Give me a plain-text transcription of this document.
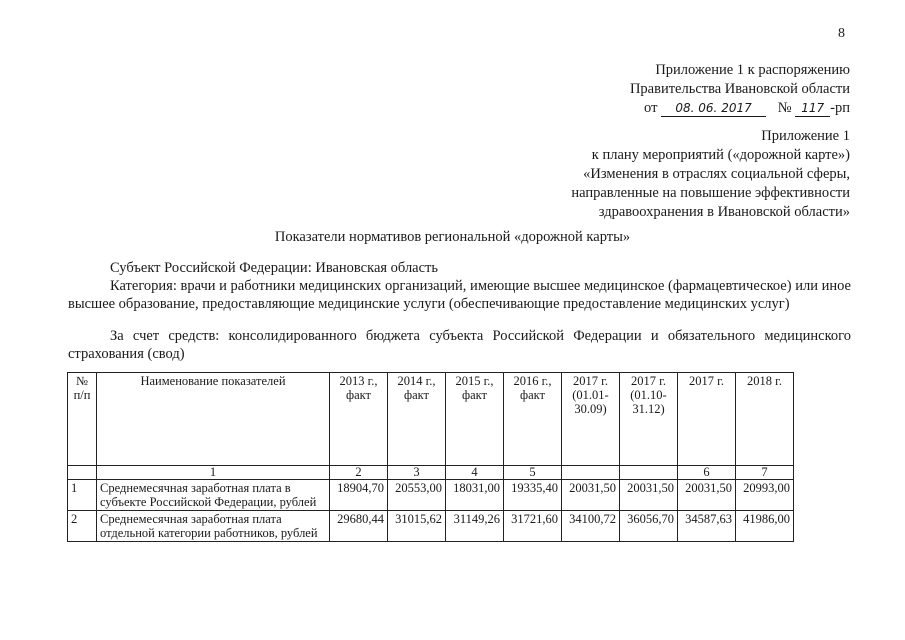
8
Приложение 1 к распоряжению
Правительства Ивановской области
от 08. 06. 2017 № 117 -рп
Приложение 1
к плану мероприятий («дорожной карте»)
«Изменения в отраслях социальной сферы,
направленные на повышение эффективности
здравоохранения в Ивановской области»
Показатели нормативов региональной «дорожной карты»
Субъект Российской Федерации: Ивановская область
Категория: врачи и работники медицинских организаций, имеющие высшее медицинское (фармацевтическое) или иное высшее образование, предоставляющие медицинские услуги (обеспечивающие предоставление медицинских услуг)
За счет средств: консолидированного бюджета субъекта Российской Федерации и обязательного медицинского страхования (свод)
№ п/п	Наименование показателей	2013 г., факт	2014 г., факт	2015 г., факт	2016 г., факт	2017 г. (01.01-30.09)	2017 г. (01.10-31.12)	2017 г.	2018 г.
	1	2	3	4	5			6	7
1	Среднемесячная заработная плата в субъекте Российской Федерации, рублей	18904,70	20553,00	18031,00	19335,40	20031,50	20031,50	20031,50	20993,00
2	Среднемесячная заработная плата отдельной категории работников, рублей	29680,44	31015,62	31149,26	31721,60	34100,72	36056,70	34587,63	41986,00
